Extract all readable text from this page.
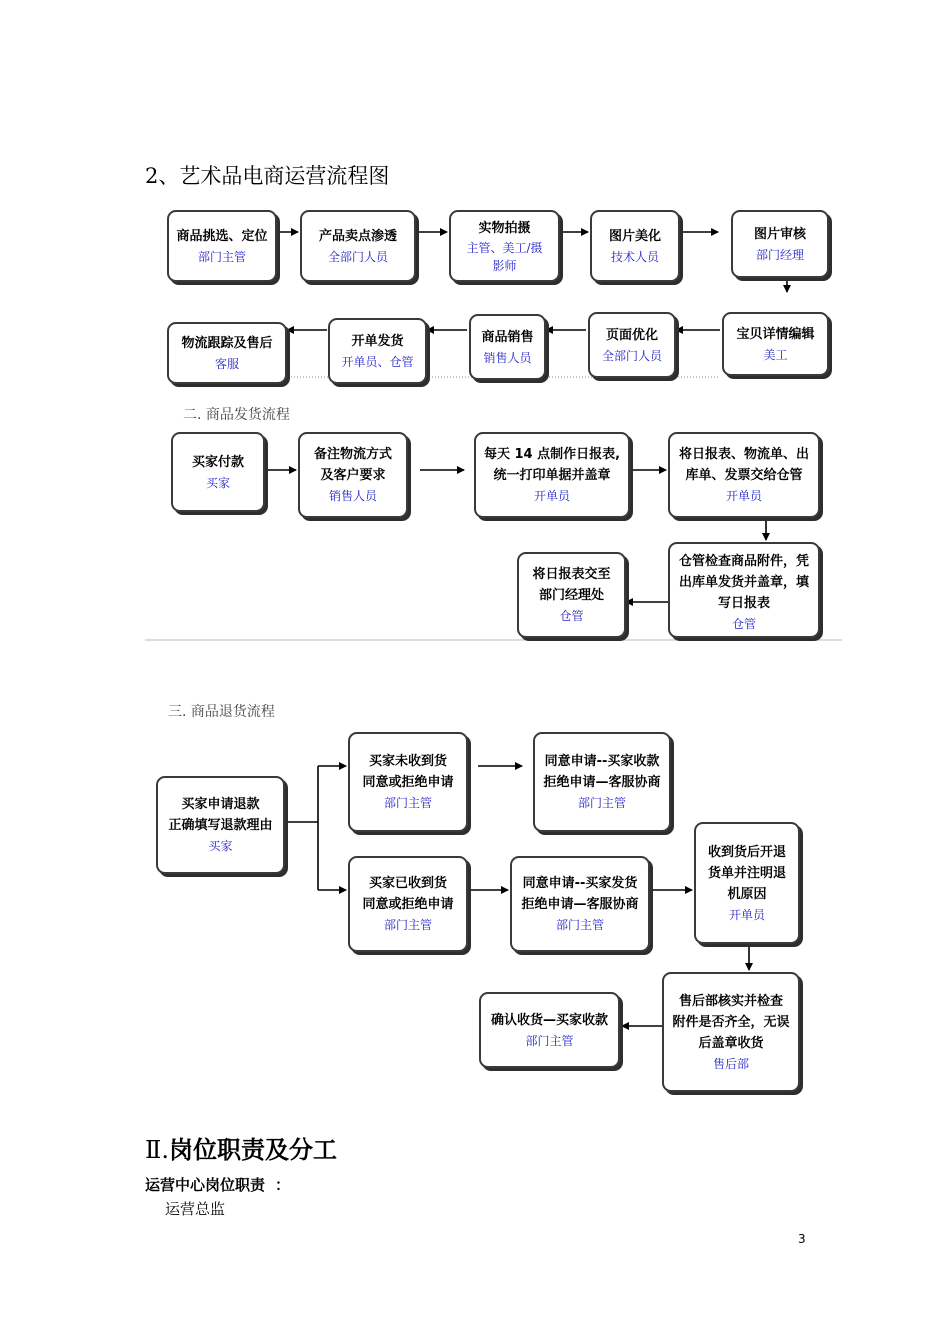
2、艺术品电商运营流程图
商品挑选、定位
部门主管
产品卖点渗透
全部门人员
实物拍摄
主管、美工/摄
影师
图片美化
技术人员
图片审核
部门经理
宝贝详情编辑
美工
页面优化
全部门人员
商品销售
销售人员
开单发货
开单员、仓管
物流跟踪及售后
客服
二. 商品发货流程
买家付款
买家
备注物流方式
及客户要求
销售人员
每天 14 点制作日报表,
统一打印单据并盖章
开单员
将日报表、物流单、出
库单、发票交给仓管
开单员
仓管检查商品附件，凭
出库单发货并盖章，填
写日报表
仓管
将日报表交至
部门经理处
仓管
三. 商品退货流程
买家申请退款
正确填写退款理由
买家
买家未收到货
同意或拒绝申请
部门主管
同意申请--买家收款
拒绝申请—客服协商
部门主管
买家已收到货
同意或拒绝申请
部门主管
同意申请--买家发货
拒绝申请—客服协商
部门主管
收到货后开退
货单并注明退
机原因
开单员
售后部核实并检查
附件是否齐全，无误
后盖章收货
售后部
确认收货—买家收款
部门主管
Ⅱ.岗位职责及分工
运营中心岗位职责 ：
运营总监
3
